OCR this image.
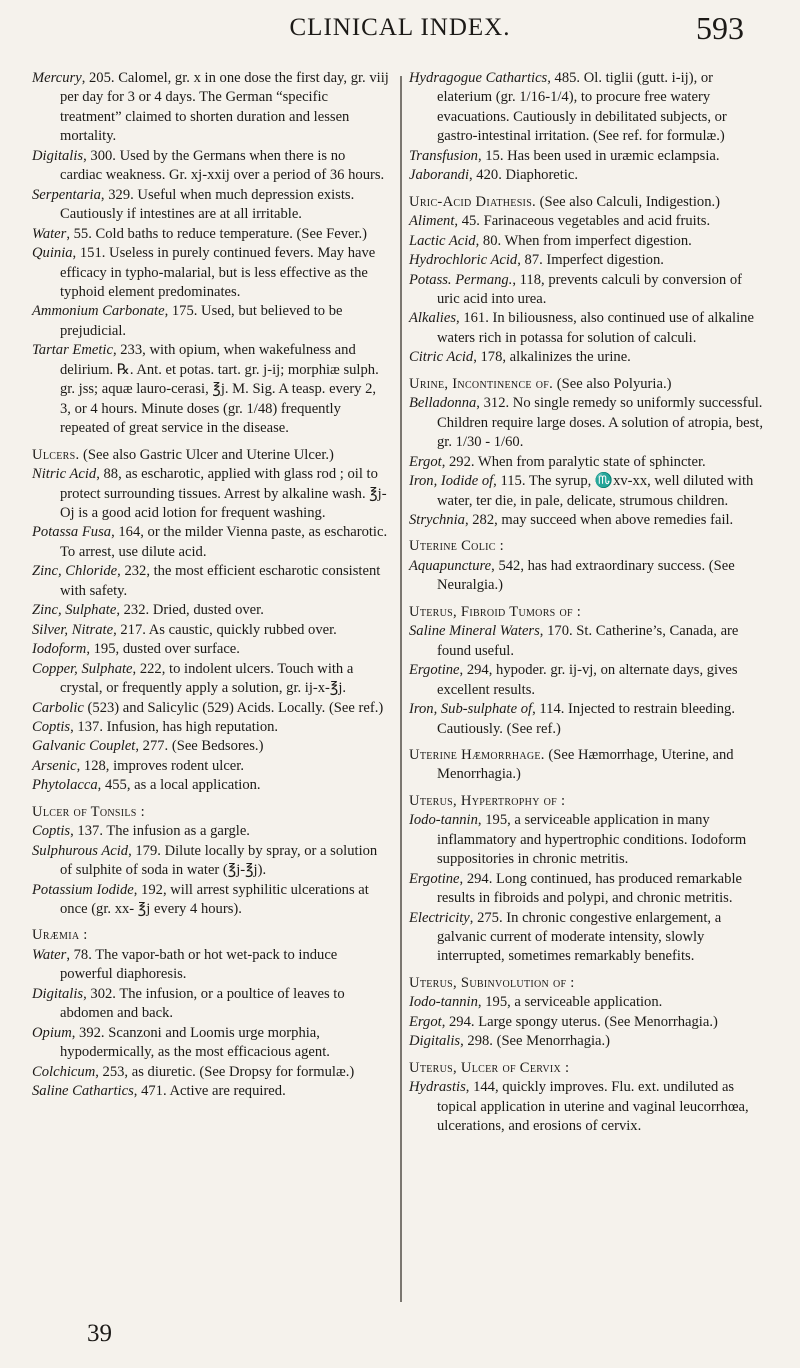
CLINICAL INDEX.	593

Mercury, 205. Calomel, gr. x in one dose the first day, gr. viij per day for 3 or 4 days. The German “specific treatment” claimed to shorten duration and lessen mortality.

Digitalis, 300. Used by the Germans when there is no cardiac weakness. Gr. xj-xxij over a period of 36 hours.

Serpentaria, 329. Useful when much depression exists. Cautiously if intestines are at all irritable.

Water, 55. Cold baths to reduce temperature. (See Fever.)

Quinia, 151. Useless in purely continued fevers. May have efficacy in typho-malarial, but is less effective as the typhoid element predominates.

Ammonium Carbonate, 175. Used, but believed to be prejudicial.

Tartar Emetic, 233, with opium, when wakefulness and delirium. ℞. Ant. et potas. tart. gr. j-ij; morphiæ sulph. gr. jss; aquæ lauro-cerasi, ℥j. M. Sig. A teasp. every 2, 3, or 4 hours. Minute doses (gr. 1/48) frequently repeated of great service in the disease.

Ulcers. (See also Gastric Ulcer and Uterine Ulcer.)

Nitric Acid, 88, as escharotic, applied with glass rod ; oil to protect surrounding tissues. Arrest by alkaline wash. ℥j-Oj is a good acid lotion for frequent washing.

Potassa Fusa, 164, or the milder Vienna paste, as escharotic. To arrest, use dilute acid.

Zinc, Chloride, 232, the most efficient escharotic consistent with safety.

Zinc, Sulphate, 232. Dried, dusted over.

Silver, Nitrate, 217. As caustic, quickly rubbed over.

Iodoform, 195, dusted over surface.

Copper, Sulphate, 222, to indolent ulcers. Touch with a crystal, or frequently apply a solution, gr. ij-x-℥j.

Carbolic (523) and Salicylic (529) Acids. Locally. (See ref.)

Coptis, 137. Infusion, has high reputation.

Galvanic Couplet, 277. (See Bedsores.)

Arsenic, 128, improves rodent ulcer.

Phytolacca, 455, as a local application.

Ulcer of Tonsils :

Coptis, 137. The infusion as a gargle.

Sulphurous Acid, 179. Dilute locally by spray, or a solution of sulphite of soda in water (℥j-℥j).

Potassium Iodide, 192, will arrest syphilitic ulcerations at once (gr. xx- ℥j every 4 hours).

Uræmia :

Water, 78. The vapor-bath or hot wet-pack to induce powerful diaphoresis.

Digitalis, 302. The infusion, or a poultice of leaves to abdomen and back.

Opium, 392. Scanzoni and Loomis urge morphia, hypodermically, as the most efficacious agent.

Colchicum, 253, as diuretic. (See Dropsy for formulæ.)

Saline Cathartics, 471. Active are required.

Hydragogue Cathartics, 485. Ol. tiglii (gutt. i-ij), or elaterium (gr. 1/16-1/4), to procure free watery evacuations. Cautiously in debilitated subjects, or gastro-intestinal irritation. (See ref. for formulæ.)

Transfusion, 15. Has been used in uræmic eclampsia.

Jaborandi, 420. Diaphoretic.

Uric-Acid Diathesis. (See also Calculi, Indigestion.)

Aliment, 45. Farinaceous vegetables and acid fruits.

Lactic Acid, 80. When from imperfect digestion.

Hydrochloric Acid, 87. Imperfect digestion.

Potass. Permang., 118, prevents calculi by conversion of uric acid into urea.

Alkalies, 161. In biliousness, also continued use of alkaline waters rich in potassa for solution of calculi.

Citric Acid, 178, alkalinizes the urine.

Urine, Incontinence of. (See also Polyuria.)

Belladonna, 312. No single remedy so uniformly successful. Children require large doses. A solution of atropia, best, gr. 1/30 - 1/60.

Ergot, 292. When from paralytic state of sphincter.

Iron, Iodide of, 115. The syrup, ♏xv-xx, well diluted with water, ter die, in pale, delicate, strumous children.

Strychnia, 282, may succeed when above remedies fail.

Uterine Colic :

Aquapuncture, 542, has had extraordinary success. (See Neuralgia.)

Uterus, Fibroid Tumors of :

Saline Mineral Waters, 170. St. Catherine’s, Canada, are found useful.

Ergotine, 294, hypoder. gr. ij-vj, on alternate days, gives excellent results.

Iron, Sub-sulphate of, 114. Injected to restrain bleeding. Cautiously. (See ref.)

Uterine Hæmorrhage. (See Hæmorrhage, Uterine, and Menorrhagia.)

Uterus, Hypertrophy of :

Iodo-tannin, 195, a serviceable application in many inflammatory and hypertrophic conditions. Iodoform suppositories in chronic metritis.

Ergotine, 294. Long continued, has produced remarkable results in fibroids and polypi, and chronic metritis.

Electricity, 275. In chronic congestive enlargement, a galvanic current of moderate intensity, slowly interrupted, sometimes remarkably benefits.

Uterus, Subinvolution of :

Iodo-tannin, 195, a serviceable application.

Ergot, 294. Large spongy uterus. (See Menorrhagia.)

Digitalis, 298. (See Menorrhagia.)

Uterus, Ulcer of Cervix :

Hydrastis, 144, quickly improves. Flu. ext. undiluted as topical application in uterine and vaginal leucorrhœa, ulcerations, and erosions of cervix.

39
